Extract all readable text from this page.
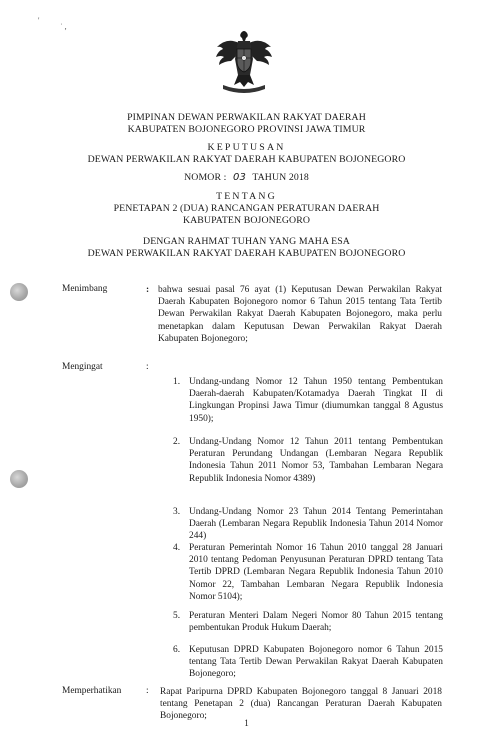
'
˙ ,
PIMPINAN DEWAN PERWAKILAN RAKYAT DAERAH
KABUPATEN BOJONEGORO PROVINSI JAWA TIMUR
KEPUTUSAN
DEWAN PERWAKILAN RAKYAT DAERAH KABUPATEN BOJONEGORO
NOMOR : 03 TAHUN 2018
TENTANG
PENETAPAN 2 (DUA) RANCANGAN PERATURAN DAERAH
KABUPATEN BOJONEGORO
DENGAN RAHMAT TUHAN YANG MAHA ESA
DEWAN PERWAKILAN RAKYAT DAERAH KABUPATEN BOJONEGORO
Menimbang	: bahwa sesuai pasal 76 ayat (1) Keputusan Dewan Perwakilan Rakyat Daerah Kabupaten Bojonegoro nomor 6 Tahun 2015 tentang Tata Tertib Dewan Perwakilan Rakyat Daerah Kabupaten Bojonegoro, maka perlu menetapkan dalam Keputusan Dewan Perwakilan Rakyat Daerah Kabupaten Bojonegoro;
Mengingat	:
1. Undang-undang Nomor 12 Tahun 1950 tentang Pembentukan Daerah-daerah Kabupaten/Kotamadya Daerah Tingkat II di Lingkungan Propinsi Jawa Timur (diumumkan tanggal 8 Agustus 1950);
2. Undang-Undang Nomor 12 Tahun 2011 tentang Pembentukan Peraturan Perundang Undangan (Lembaran Negara Republik Indonesia Tahun 2011 Nomor 53, Tambahan Lembaran Negara Republik Indonesia Nomor 4389)
3. Undang-Undang Nomor 23 Tahun 2014 Tentang Pemerintahan Daerah (Lembaran Negara Republik Indonesia Tahun 2014 Nomor 244)
4. Peraturan Pemerintah Nomor 16 Tahun 2010 tanggal 28 Januari 2010 tentang Pedoman Penyusunan Peraturan DPRD tentang Tata Tertib DPRD (Lembaran Negara Republik Indonesia Tahun 2010 Nomor 22, Tambahan Lembaran Negara Republik Indonesia Nomor 5104);
5. Peraturan Menteri Dalam Negeri Nomor 80 Tahun 2015 tentang pembentukan Produk Hukum Daerah;
6. Keputusan DPRD Kabupaten Bojonegoro nomor 6 Tahun 2015 tentang Tata Tertib Dewan Perwakilan Rakyat Daerah Kabupaten Bojonegoro;
Memperhatikan	: Rapat Paripurna DPRD Kabupaten Bojonegoro tanggal 8 Januari 2018 tentang Penetapan 2 (dua) Rancangan Peraturan Daerah Kabupaten Bojonegoro;
1
